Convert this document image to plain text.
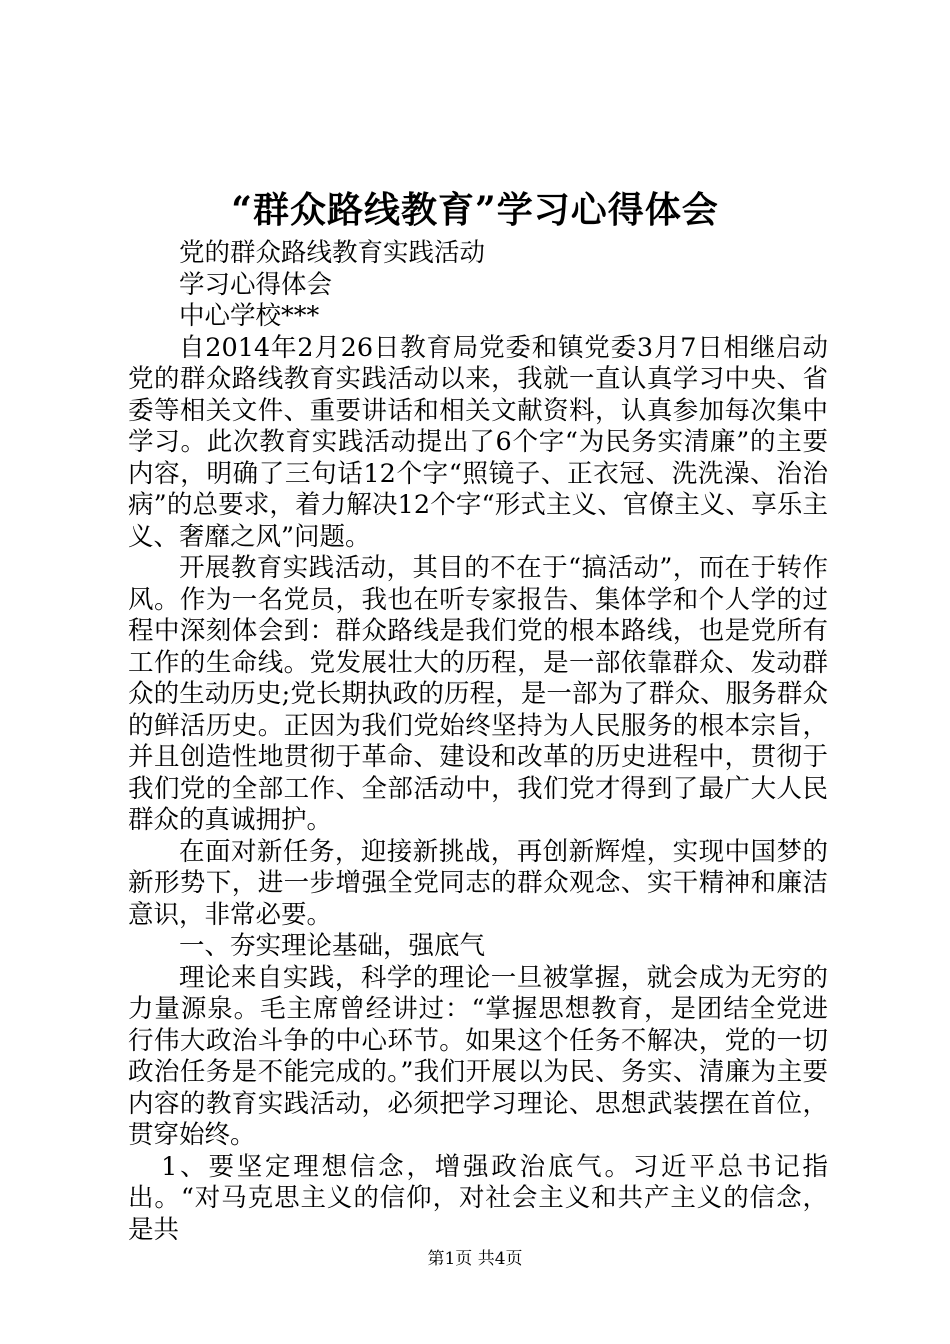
“群众路线教育”学习心得体会

党的群众路线教育实践活动

学习心得体会

中心学校***

自2014年2月26日教育局党委和镇党委3月7日相继启动党的群众路线教育实践活动以来，我就一直认真学习中央、省委等相关文件、重要讲话和相关文献资料，认真参加每次集中学习。此次教育实践活动提出了6个字“为民务实清廉”的主要内容，明确了三句话12个字“照镜子、正衣冠、洗洗澡、治治病”的总要求，着力解决12个字“形式主义、官僚主义、享乐主义、奢靡之风”问题。

开展教育实践活动，其目的不在于“搞活动”，而在于转作风。作为一名党员，我也在听专家报告、集体学和个人学的过程中深刻体会到：群众路线是我们党的根本路线，也是党所有工作的生命线。党发展壮大的历程，是一部依靠群众、发动群众的生动历史;党长期执政的历程，是一部为了群众、服务群众的鲜活历史。正因为我们党始终坚持为人民服务的根本宗旨，并且创造性地贯彻于革命、建设和改革的历史进程中，贯彻于我们党的全部工作、全部活动中，我们党才得到了最广大人民群众的真诚拥护。

在面对新任务，迎接新挑战，再创新辉煌，实现中国梦的新形势下，进一步增强全党同志的群众观念、实干精神和廉洁意识，非常必要。

一、夯实理论基础，强底气

理论来自实践，科学的理论一旦被掌握，就会成为无穷的力量源泉。毛主席曾经讲过：“掌握思想教育，是团结全党进行伟大政治斗争的中心环节。如果这个任务不解决，党的一切政治任务是不能完成的。”我们开展以为民、务实、清廉为主要内容的教育实践活动，必须把学习理论、思想武装摆在首位，贯穿始终。

1、要坚定理想信念，增强政治底气。习近平总书记指出。“对马克思主义的信仰，对社会主义和共产主义的信念，是共

第1页 共4页
